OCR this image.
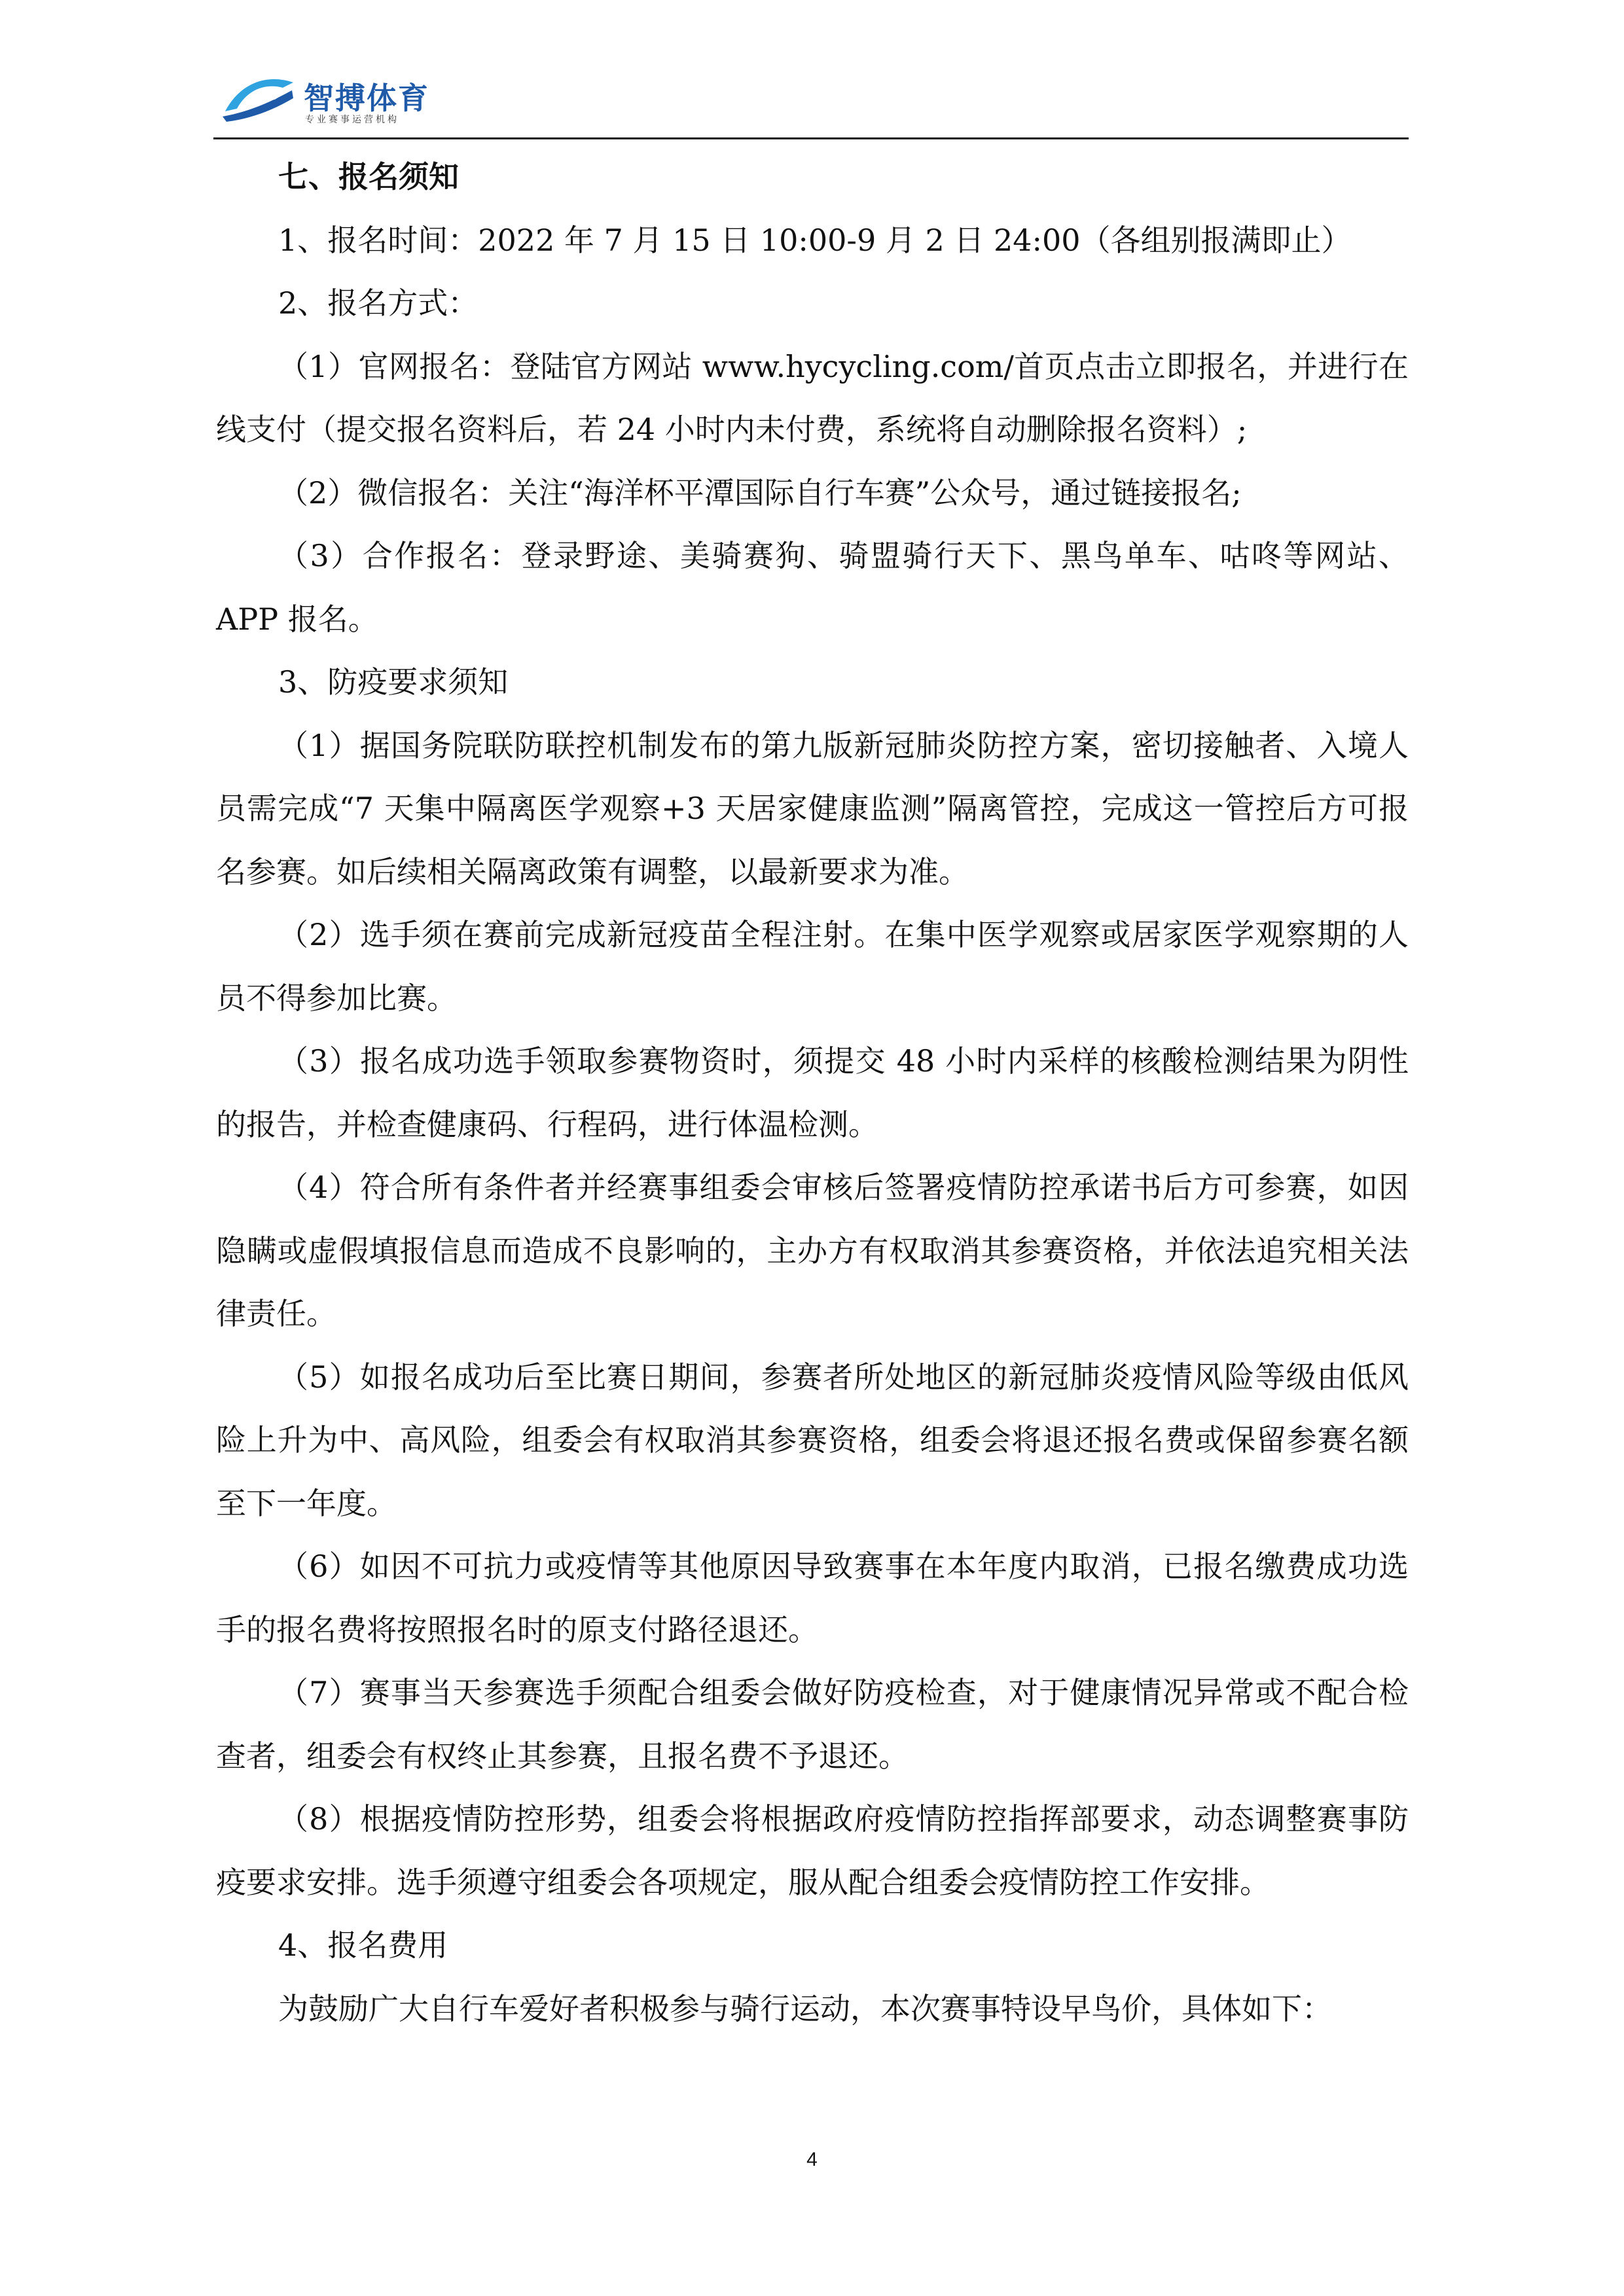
智搏体育
专业赛事运营机构

七、报名须知

1、报名时间：2022 年 7 月 15 日 10:00-9 月 2 日 24:00（各组别报满即止）

2、报名方式：

（1）官网报名：登陆官方网站 www.hycycling.com/首页点击立即报名，并进行在线支付（提交报名资料后，若 24 小时内未付费，系统将自动删除报名资料）;

（2）微信报名：关注“海洋杯平潭国际自行车赛”公众号，通过链接报名;

（3）合作报名：登录野途、美骑赛狗、骑盟骑行天下、黑鸟单车、咕咚等网站、APP 报名。

3、防疫要求须知

（1）据国务院联防联控机制发布的第九版新冠肺炎防控方案，密切接触者、入境人员需完成“7 天集中隔离医学观察+3 天居家健康监测”隔离管控，完成这一管控后方可报名参赛。如后续相关隔离政策有调整，以最新要求为准。

（2）选手须在赛前完成新冠疫苗全程注射。在集中医学观察或居家医学观察期的人员不得参加比赛。

（3）报名成功选手领取参赛物资时，须提交 48 小时内采样的核酸检测结果为阴性的报告，并检查健康码、行程码，进行体温检测。

（4）符合所有条件者并经赛事组委会审核后签署疫情防控承诺书后方可参赛，如因隐瞒或虚假填报信息而造成不良影响的，主办方有权取消其参赛资格，并依法追究相关法律责任。

（5）如报名成功后至比赛日期间，参赛者所处地区的新冠肺炎疫情风险等级由低风险上升为中、高风险，组委会有权取消其参赛资格，组委会将退还报名费或保留参赛名额至下一年度。

（6）如因不可抗力或疫情等其他原因导致赛事在本年度内取消，已报名缴费成功选手的报名费将按照报名时的原支付路径退还。

（7）赛事当天参赛选手须配合组委会做好防疫检查，对于健康情况异常或不配合检查者，组委会有权终止其参赛，且报名费不予退还。

（8）根据疫情防控形势，组委会将根据政府疫情防控指挥部要求，动态调整赛事防疫要求安排。选手须遵守组委会各项规定，服从配合组委会疫情防控工作安排。

4、报名费用

为鼓励广大自行车爱好者积极参与骑行运动，本次赛事特设早鸟价，具体如下：

4
